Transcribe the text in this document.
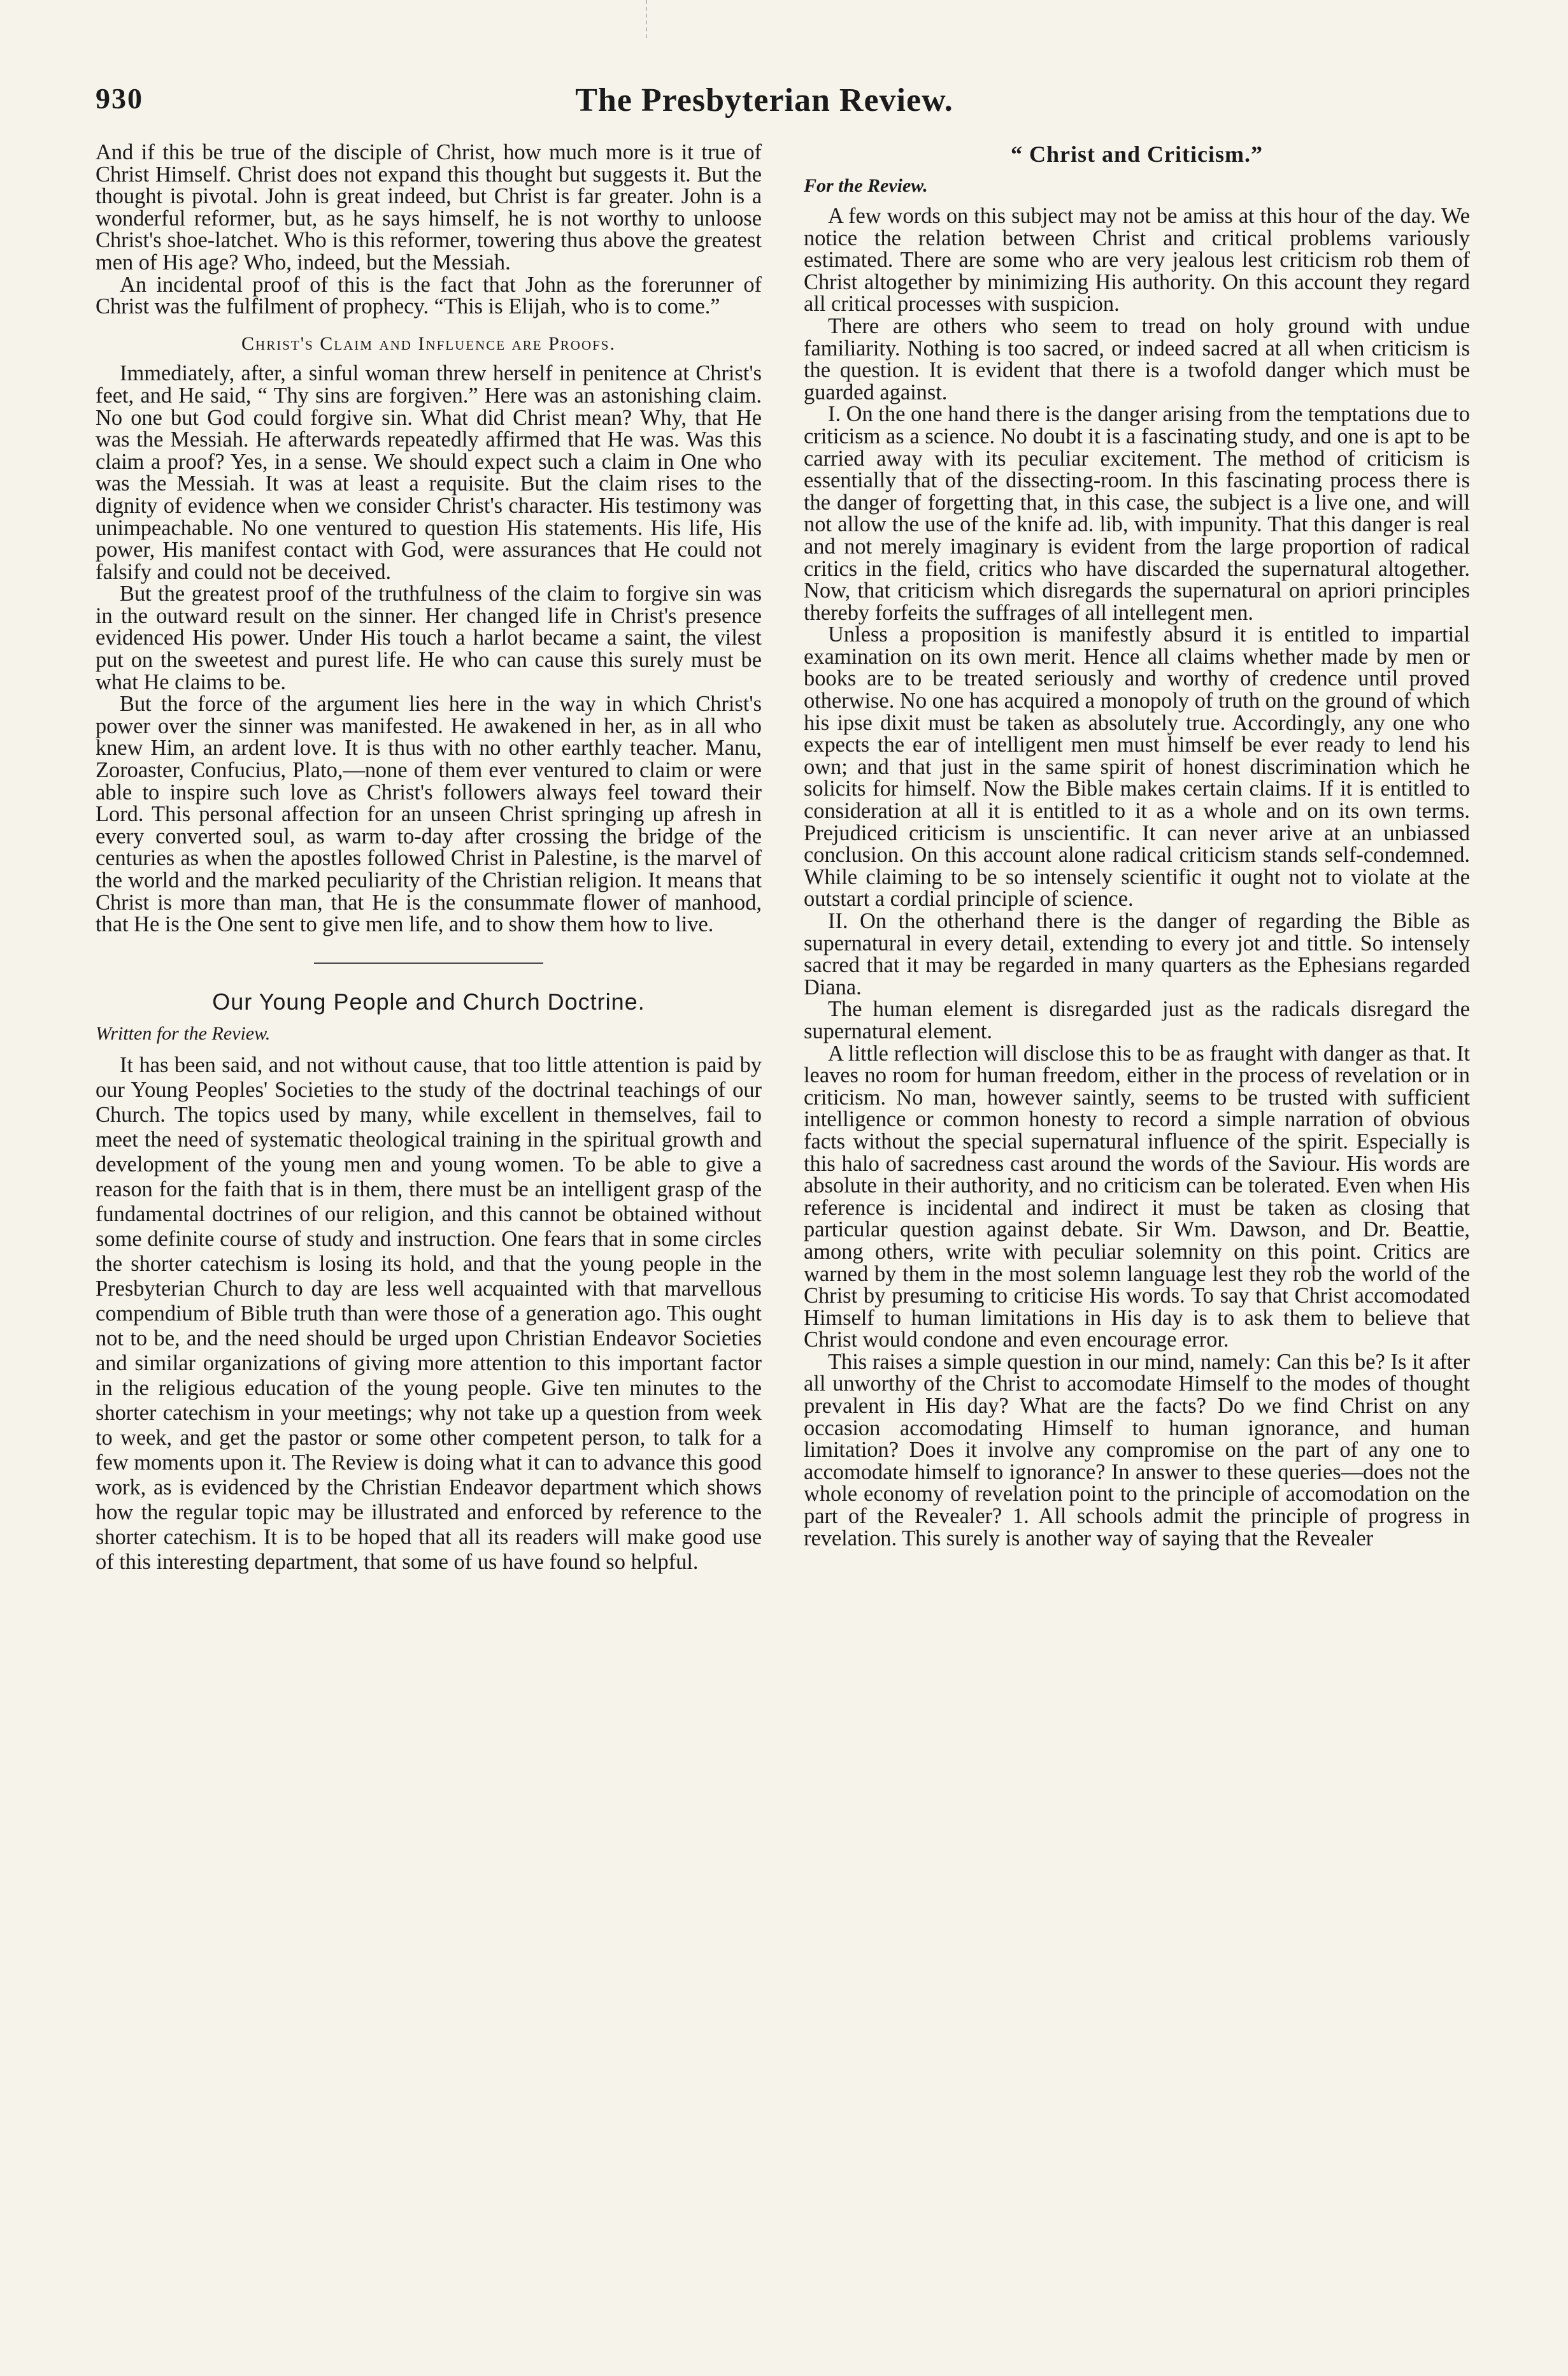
930	The Presbyterian Review.

And if this be true of the disciple of Christ, how much more is it true of Christ Himself. Christ does not expand this thought but suggests it. But the thought is pivotal. John is great indeed, but Christ is far greater. John is a wonderful reformer, but, as he says himself, he is not worthy to unloose Christ's shoe-latchet. Who is this reformer, towering thus above the greatest men of His age? Who, indeed, but the Messiah.

An incidental proof of this is the fact that John as the forerunner of Christ was the fulfilment of prophecy. “This is Elijah, who is to come.”

Christ's Claim and Influence are Proofs.

Immediately, after, a sinful woman threw herself in penitence at Christ's feet, and He said, “ Thy sins are forgiven.” Here was an astonishing claim. No one but God could forgive sin. What did Christ mean? Why, that He was the Messiah. He afterwards repeatedly affirmed that He was. Was this claim a proof? Yes, in a sense. We should expect such a claim in One who was the Messiah. It was at least a requisite. But the claim rises to the dignity of evidence when we consider Christ's character. His testimony was unimpeachable. No one ventured to question His statements. His life, His power, His manifest contact with God, were assurances that He could not falsify and could not be deceived.

But the greatest proof of the truthfulness of the claim to forgive sin was in the outward result on the sinner. Her changed life in Christ's presence evidenced His power. Under His touch a harlot became a saint, the vilest put on the sweetest and purest life. He who can cause this surely must be what He claims to be.

But the force of the argument lies here in the way in which Christ's power over the sinner was manifested. He awakened in her, as in all who knew Him, an ardent love. It is thus with no other earthly teacher. Manu, Zoroaster, Confucius, Plato,—none of them ever ventured to claim or were able to inspire such love as Christ's followers always feel toward their Lord. This personal affection for an unseen Christ springing up afresh in every converted soul, as warm to-day after crossing the bridge of the centuries as when the apostles followed Christ in Palestine, is the marvel of the world and the marked peculiarity of the Christian religion. It means that Christ is more than man, that He is the consummate flower of manhood, that He is the One sent to give men life, and to show them how to live.

Our Young People and Church Doctrine.
Written for the Review.

It has been said, and not without cause, that too little attention is paid by our Young Peoples' Societies to the study of the doctrinal teachings of our Church. The topics used by many, while excellent in themselves, fail to meet the need of systematic theological training in the spiritual growth and development of the young men and young women. To be able to give a reason for the faith that is in them, there must be an intelligent grasp of the fundamental doctrines of our religion, and this cannot be obtained without some definite course of study and instruction. One fears that in some circles the shorter catechism is losing its hold, and that the young people in the Presbyterian Church to day are less well acquainted with that marvellous compendium of Bible truth than were those of a generation ago. This ought not to be, and the need should be urged upon Christian Endeavor Societies and similar organizations of giving more attention to this important factor in the religious education of the young people. Give ten minutes to the shorter catechism in your meetings; why not take up a question from week to week, and get the pastor or some other competent person, to talk for a few moments upon it. The Review is doing what it can to advance this good work, as is evidenced by the Christian Endeavor department which shows how the regular topic may be illustrated and enforced by reference to the shorter catechism. It is to be hoped that all its readers will make good use of this interesting department, that some of us have found so helpful.

“ Christ and Criticism.”
For the Review.

A few words on this subject may not be amiss at this hour of the day. We notice the relation between Christ and critical problems variously estimated. There are some who are very jealous lest criticism rob them of Christ altogether by minimizing His authority. On this account they regard all critical processes with suspicion.

There are others who seem to tread on holy ground with undue familiarity. Nothing is too sacred, or indeed sacred at all when criticism is the question. It is evident that there is a twofold danger which must be guarded against.

I. On the one hand there is the danger arising from the temptations due to criticism as a science. No doubt it is a fascinating study, and one is apt to be carried away with its peculiar excitement. The method of criticism is essentially that of the dissecting-room. In this fascinating process there is the danger of forgetting that, in this case, the subject is a live one, and will not allow the use of the knife ad. lib, with impunity. That this danger is real and not merely imaginary is evident from the large proportion of radical critics in the field, critics who have discarded the supernatural altogether. Now, that criticism which disregards the supernatural on apriori principles thereby forfeits the suffrages of all intellegent men.

Unless a proposition is manifestly absurd it is entitled to impartial examination on its own merit. Hence all claims whether made by men or books are to be treated seriously and worthy of credence until proved otherwise. No one has acquired a monopoly of truth on the ground of which his ipse dixit must be taken as absolutely true. Accordingly, any one who expects the ear of intelligent men must himself be ever ready to lend his own; and that just in the same spirit of honest discrimination which he solicits for himself. Now the Bible makes certain claims. If it is entitled to consideration at all it is entitled to it as a whole and on its own terms. Prejudiced criticism is unscientific. It can never arive at an unbiassed conclusion. On this account alone radical criticism stands self-condemned. While claiming to be so intensely scientific it ought not to violate at the outstart a cordial principle of science.

II. On the otherhand there is the danger of regarding the Bible as supernatural in every detail, extending to every jot and tittle. So intensely sacred that it may be regarded in many quarters as the Ephesians regarded Diana.

The human element is disregarded just as the radicals disregard the supernatural element.

A little reflection will disclose this to be as fraught with danger as that. It leaves no room for human freedom, either in the process of revelation or in criticism. No man, however saintly, seems to be trusted with sufficient intelligence or common honesty to record a simple narration of obvious facts without the special supernatural influence of the spirit. Especially is this halo of sacredness cast around the words of the Saviour. His words are absolute in their authority, and no criticism can be tolerated. Even when His reference is incidental and indirect it must be taken as closing that particular question against debate. Sir Wm. Dawson, and Dr. Beattie, among others, write with peculiar solemnity on this point. Critics are warned by them in the most solemn language lest they rob the world of the Christ by presuming to criticise His words. To say that Christ accomodated Himself to human limitations in His day is to ask them to believe that Christ would condone and even encourage error.

This raises a simple question in our mind, namely: Can this be? Is it after all unworthy of the Christ to accomodate Himself to the modes of thought prevalent in His day? What are the facts? Do we find Christ on any occasion accomodating Himself to human ignorance, and human limitation? Does it involve any compromise on the part of any one to accomodate himself to ignorance? In answer to these queries—does not the whole economy of revelation point to the principle of accomodation on the part of the Revealer? 1. All schools admit the principle of progress in revelation. This surely is another way of saying that the Revealer
